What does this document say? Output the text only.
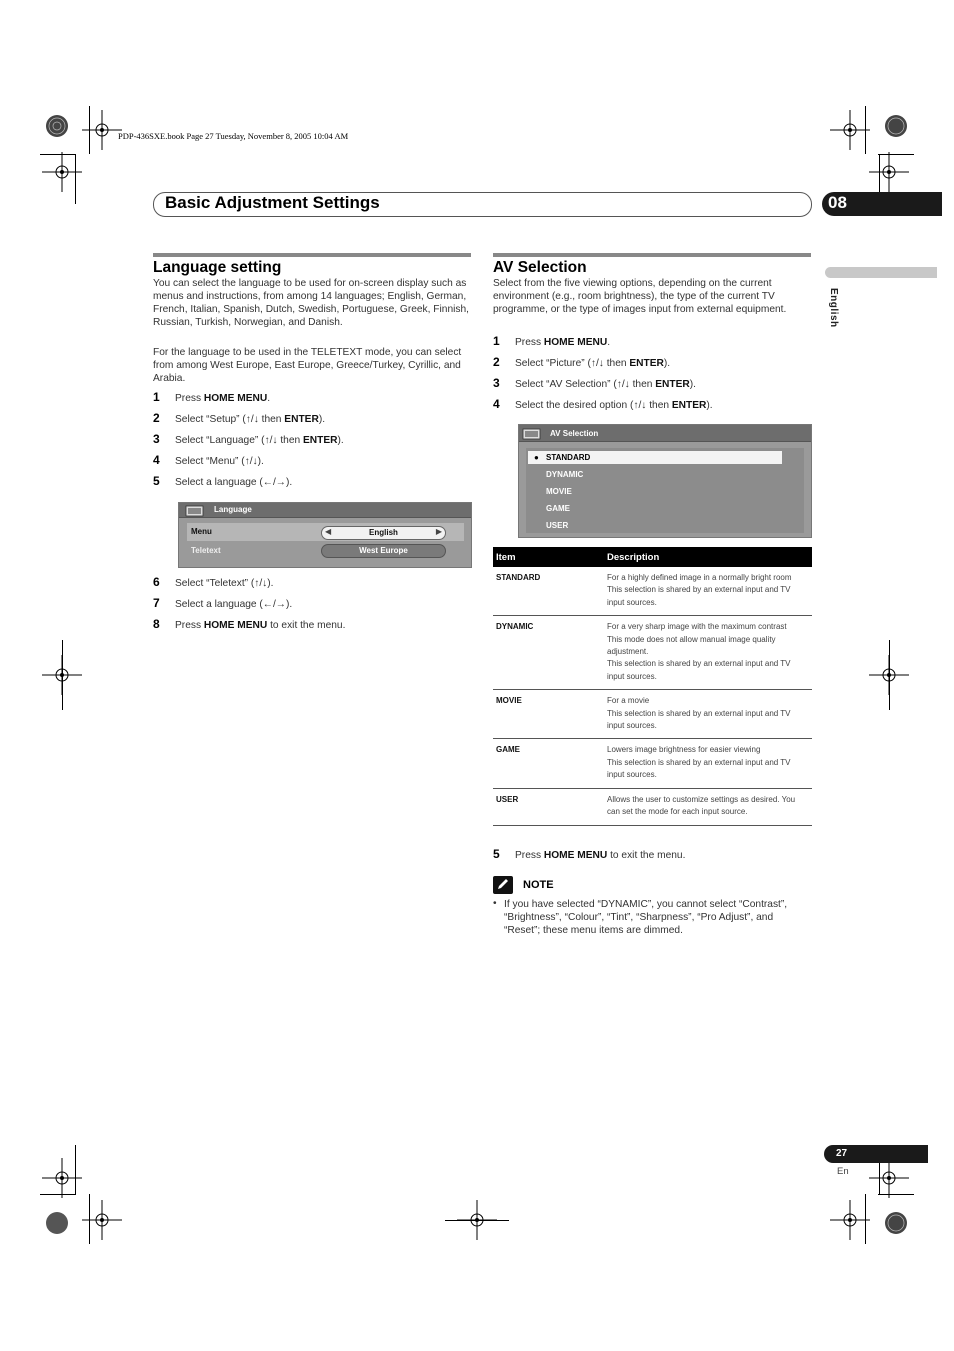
PDP-436SXE.book Page 27 Tuesday, November 8, 2005 10:04 AM
Basic Adjustment Settings	08
English
Language setting
You can select the language to be used for on-screen display such as menus and instructions, from among 14 languages; English, German, French, Italian, Spanish, Dutch, Swedish, Portuguese, Greek, Finnish, Russian, Turkish, Norwegian, and Danish.
For the language to be used in the TELETEXT mode, you can select from among West Europe, East Europe, Greece/Turkey, Cyrillic, and Arabia.
1 Press HOME MENU.
2 Select “Setup” (↑/↓ then ENTER).
3 Select “Language” (↑/↓ then ENTER).
4 Select “Menu” (↑/↓).
5 Select a language (←/→).
Language
Menu	◀	English	▶
Teletext	West Europe
6 Select “Teletext” (↑/↓).
7 Select a language (←/→).
8 Press HOME MENU to exit the menu.
AV Selection
Select from the five viewing options, depending on the current environment (e.g., room brightness), the type of the current TV programme, or the type of images input from external equipment.
1 Press HOME MENU.
2 Select “Picture” (↑/↓ then ENTER).
3 Select “AV Selection” (↑/↓ then ENTER).
4 Select the desired option (↑/↓ then ENTER).
AV Selection
● STANDARD
DYNAMIC
MOVIE
GAME
USER
Item	Description
STANDARD	For a highly defined image in a normally bright room
This selection is shared by an external input and TV input sources.

DYNAMIC	For a very sharp image with the maximum contrast
This mode does not allow manual image quality adjustment.
This selection is shared by an external input and TV input sources.

MOVIE	For a movie
This selection is shared by an external input and TV input sources.

GAME	Lowers image brightness for easier viewing
This selection is shared by an external input and TV input sources.

USER	Allows the user to customize settings as desired. You can set the mode for each input source.
5 Press HOME MENU to exit the menu.
NOTE
• If you have selected “DYNAMIC”, you cannot select “Contrast”, “Brightness”, “Colour”, “Tint”, “Sharpness”, “Pro Adjust”, and “Reset”; these menu items are dimmed.
27
En
